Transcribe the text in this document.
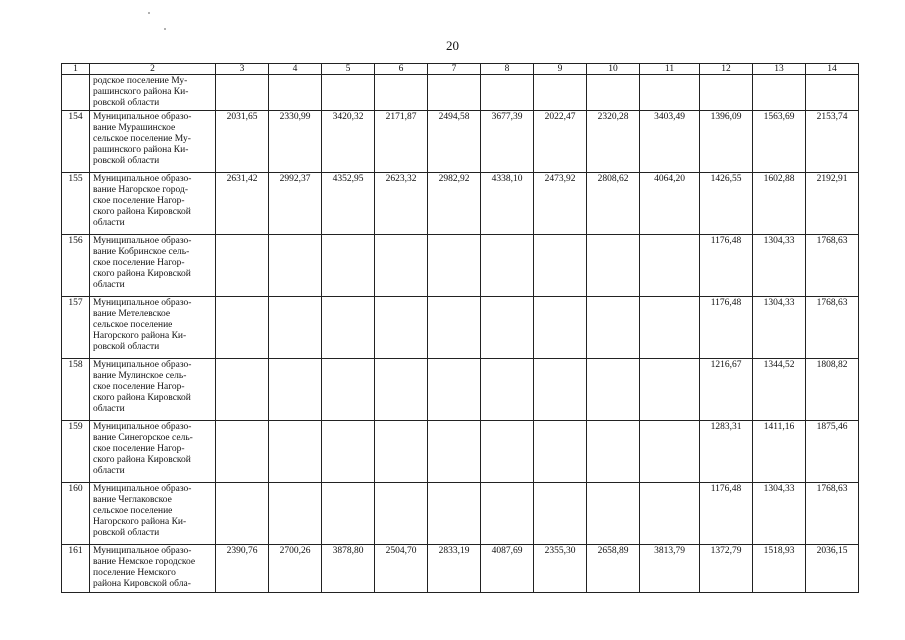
20
1	2	3	4	5	6	7	8	9	10	11	12	13	14

	родское поселение Му-
рашинского района Ки-
ровской области												

154	Муниципальное образо-
вание Мурашинское
сельское поселение Му-
рашинского района Ки-
ровской области	2031,65	2330,99	3420,32	2171,87	2494,58	3677,39	2022,47	2320,28	3403,49	1396,09	1563,69	2153,74
155	Муниципальное образо-
вание Нагорское город-
ское поселение Нагор-
ского района Кировской
области	2631,42	2992,37	4352,95	2623,32	2982,92	4338,10	2473,92	2808,62	4064,20	1426,55	1602,88	2192,91
156	Муниципальное образо-
вание Кобринское сель-
ское поселение Нагор-
ского района Кировской
области										1176,48	1304,33	1768,63
157	Муниципальное образо-
вание Метелевское
сельское поселение
Нагорского района Ки-
ровской области										1176,48	1304,33	1768,63
158	Муниципальное образо-
вание Мулинское сель-
ское поселение Нагор-
ского района Кировской
области										1216,67	1344,52	1808,82
159	Муниципальное образо-
вание Синегорское сель-
ское поселение Нагор-
ского района Кировской
области										1283,31	1411,16	1875,46
160	Муниципальное образо-
вание Чеглаковское
сельское поселение
Нагорского района Ки-
ровской области										1176,48	1304,33	1768,63
161	Муниципальное образо-
вание Немское городское
поселение Немского
района Кировской обла-	2390,76	2700,26	3878,80	2504,70	2833,19	4087,69	2355,30	2658,89	3813,79	1372,79	1518,93	2036,15
